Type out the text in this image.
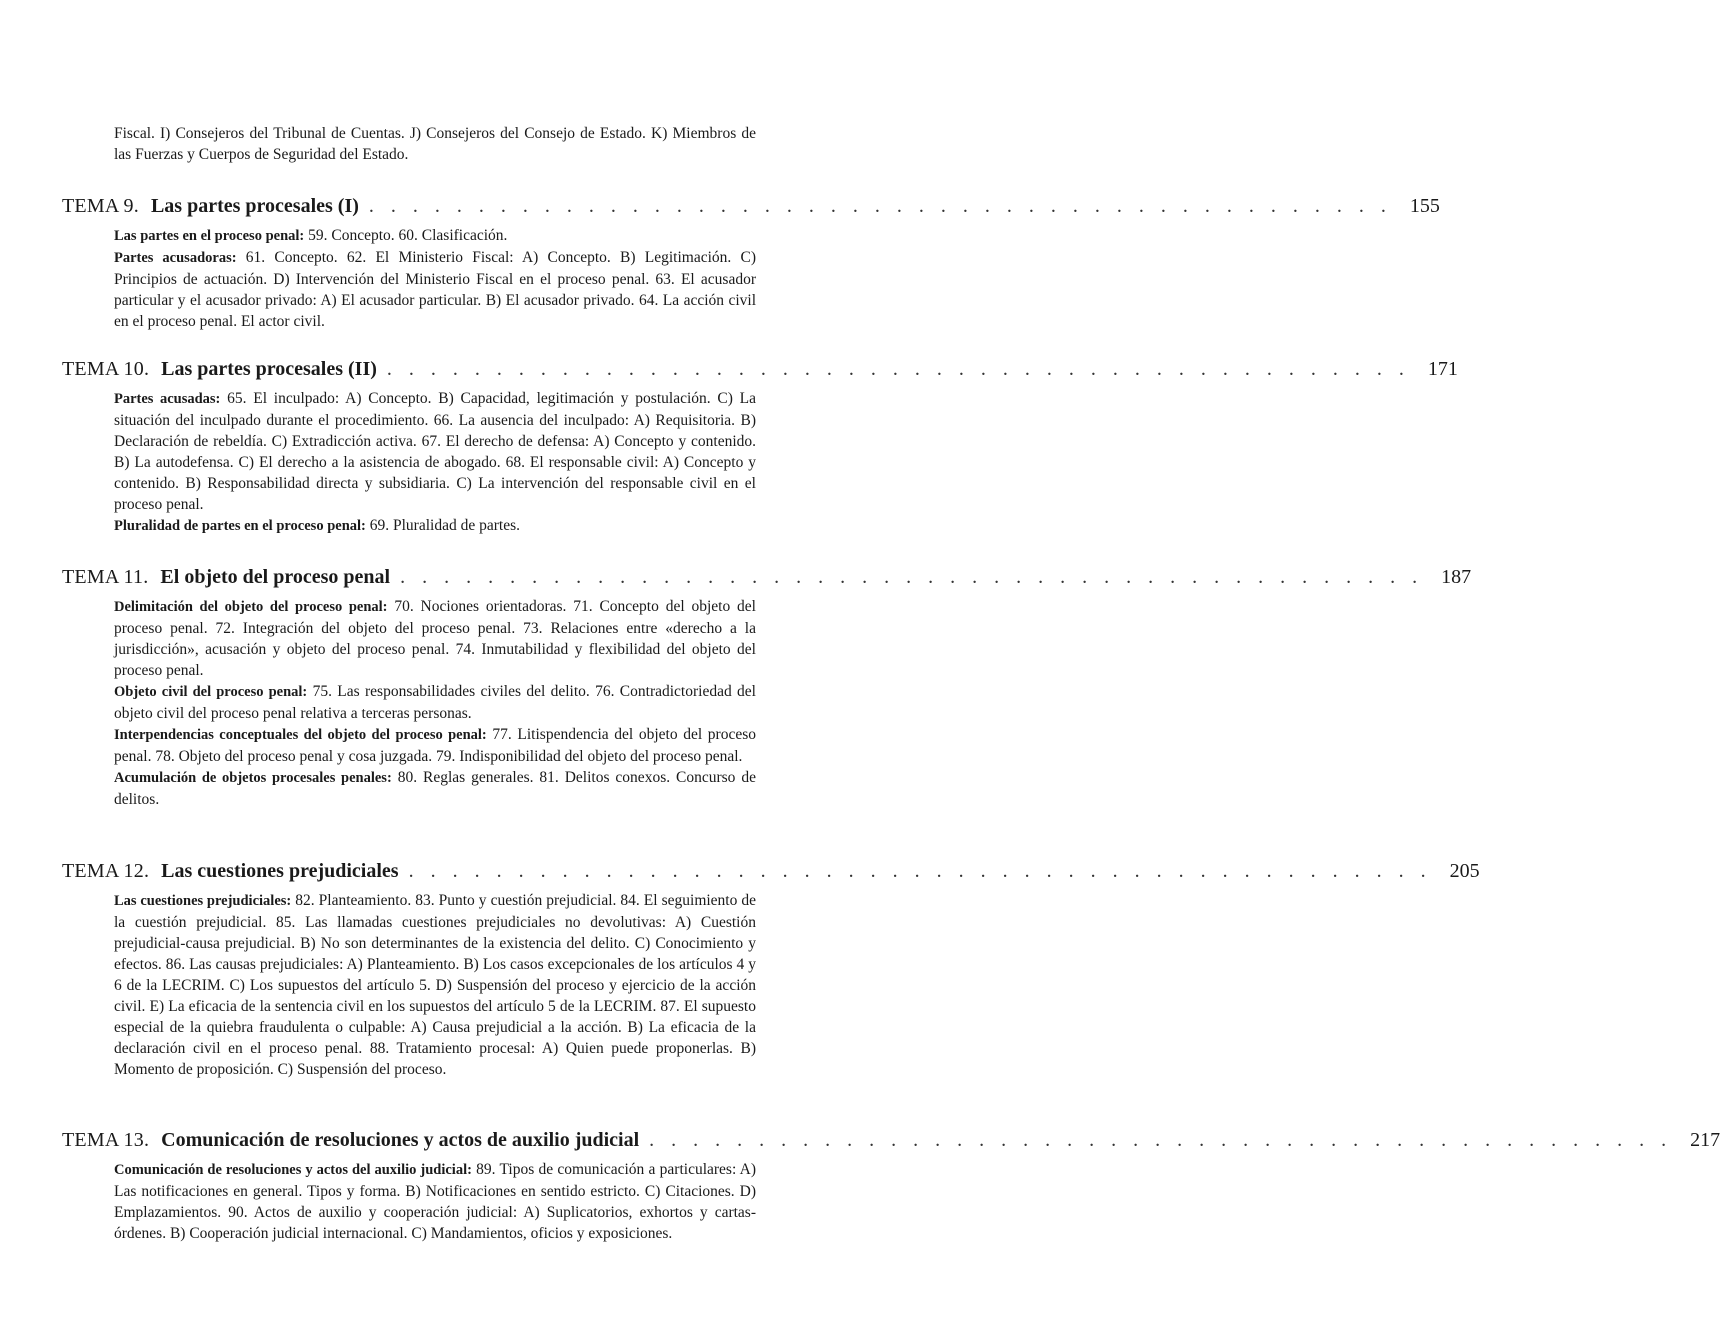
Fiscal. I) Consejeros del Tribunal de Cuentas. J) Consejeros del Consejo de Estado. K) Miembros de las Fuerzas y Cuerpos de Seguridad del Estado.

TEMA 9. Las partes procesales (I) . . . . . . . . . . . . . . . . . . . . . . . . . . . . . . . . . . . . . . . . . . . . . . . 155

Las partes en el proceso penal: 59. Concepto. 60. Clasificación.

Partes acusadoras: 61. Concepto. 62. El Ministerio Fiscal: A) Concepto. B) Legitimación. C) Principios de actuación. D) Intervención del Ministerio Fiscal en el proceso penal. 63. El acusador particular y el acusador privado: A) El acusador particular. B) El acusador privado. 64. La acción civil en el proceso penal. El actor civil.

TEMA 10. Las partes procesales (II) . . . . . . . . . . . . . . . . . . . . . . . . . . . . . . . . . . . . . . . . . . . . . . . 171

Partes acusadas: 65. El inculpado: A) Concepto. B) Capacidad, legitimación y postulación. C) La situación del inculpado durante el procedimiento. 66. La ausencia del inculpado: A) Requisitoria. B) Declaración de rebeldía. C) Extradicción activa. 67. El derecho de defensa: A) Concepto y contenido. B) La autodefensa. C) El derecho a la asistencia de abogado. 68. El responsable civil: A) Concepto y contenido. B) Responsabilidad directa y subsidiaria. C) La intervención del responsable civil en el proceso penal.

Pluralidad de partes en el proceso penal: 69. Pluralidad de partes.

TEMA 11. El objeto del proceso penal . . . . . . . . . . . . . . . . . . . . . . . . . . . . . . . . . . . . . . . . . . . . . . . 187

Delimitación del objeto del proceso penal: 70. Nociones orientadoras. 71. Concepto del objeto del proceso penal. 72. Integración del objeto del proceso penal. 73. Relaciones entre «derecho a la jurisdicción», acusación y objeto del proceso penal. 74. Inmutabilidad y flexibilidad del objeto del proceso penal.

Objeto civil del proceso penal: 75. Las responsabilidades civiles del delito. 76. Contradictoriedad del objeto civil del proceso penal relativa a terceras personas.

Interpendencias conceptuales del objeto del proceso penal: 77. Litispendencia del objeto del proceso penal. 78. Objeto del proceso penal y cosa juzgada. 79. Indisponibilidad del objeto del proceso penal.

Acumulación de objetos procesales penales: 80. Reglas generales. 81. Delitos conexos. Concurso de delitos.

TEMA 12. Las cuestiones prejudiciales . . . . . . . . . . . . . . . . . . . . . . . . . . . . . . . . . . . . . . . . . . . . . . . 205

Las cuestiones prejudiciales: 82. Planteamiento. 83. Punto y cuestión prejudicial. 84. El seguimiento de la cuestión prejudicial. 85. Las llamadas cuestiones prejudiciales no devolutivas: A) Cuestión prejudicial-causa prejudicial. B) No son determinantes de la existencia del delito. C) Conocimiento y efectos. 86. Las causas prejudiciales: A) Planteamiento. B) Los casos excepcionales de los artículos 4 y 6 de la LECRIM. C) Los supuestos del artículo 5. D) Suspensión del proceso y ejercicio de la acción civil. E) La eficacia de la sentencia civil en los supuestos del artículo 5 de la LECRIM. 87. El supuesto especial de la quiebra fraudulenta o culpable: A) Causa prejudicial a la acción. B) La eficacia de la declaración civil en el proceso penal. 88. Tratamiento procesal: A) Quien puede proponerlas. B) Momento de proposición. C) Suspensión del proceso.

TEMA 13. Comunicación de resoluciones y actos de auxilio judicial . . . . . . . . . . . . . . . . . . . . . . . . . . . . . . . . . . . . . . . . . . . . . . . 217

Comunicación de resoluciones y actos del auxilio judicial: 89. Tipos de comunicación a particulares: A) Las notificaciones en general. Tipos y forma. B) Notificaciones en sentido estricto. C) Citaciones. D) Emplazamientos. 90. Actos de auxilio y cooperación judicial: A) Suplicatorios, exhortos y cartas-órdenes. B) Cooperación judicial internacional. C) Mandamientos, oficios y exposiciones.
